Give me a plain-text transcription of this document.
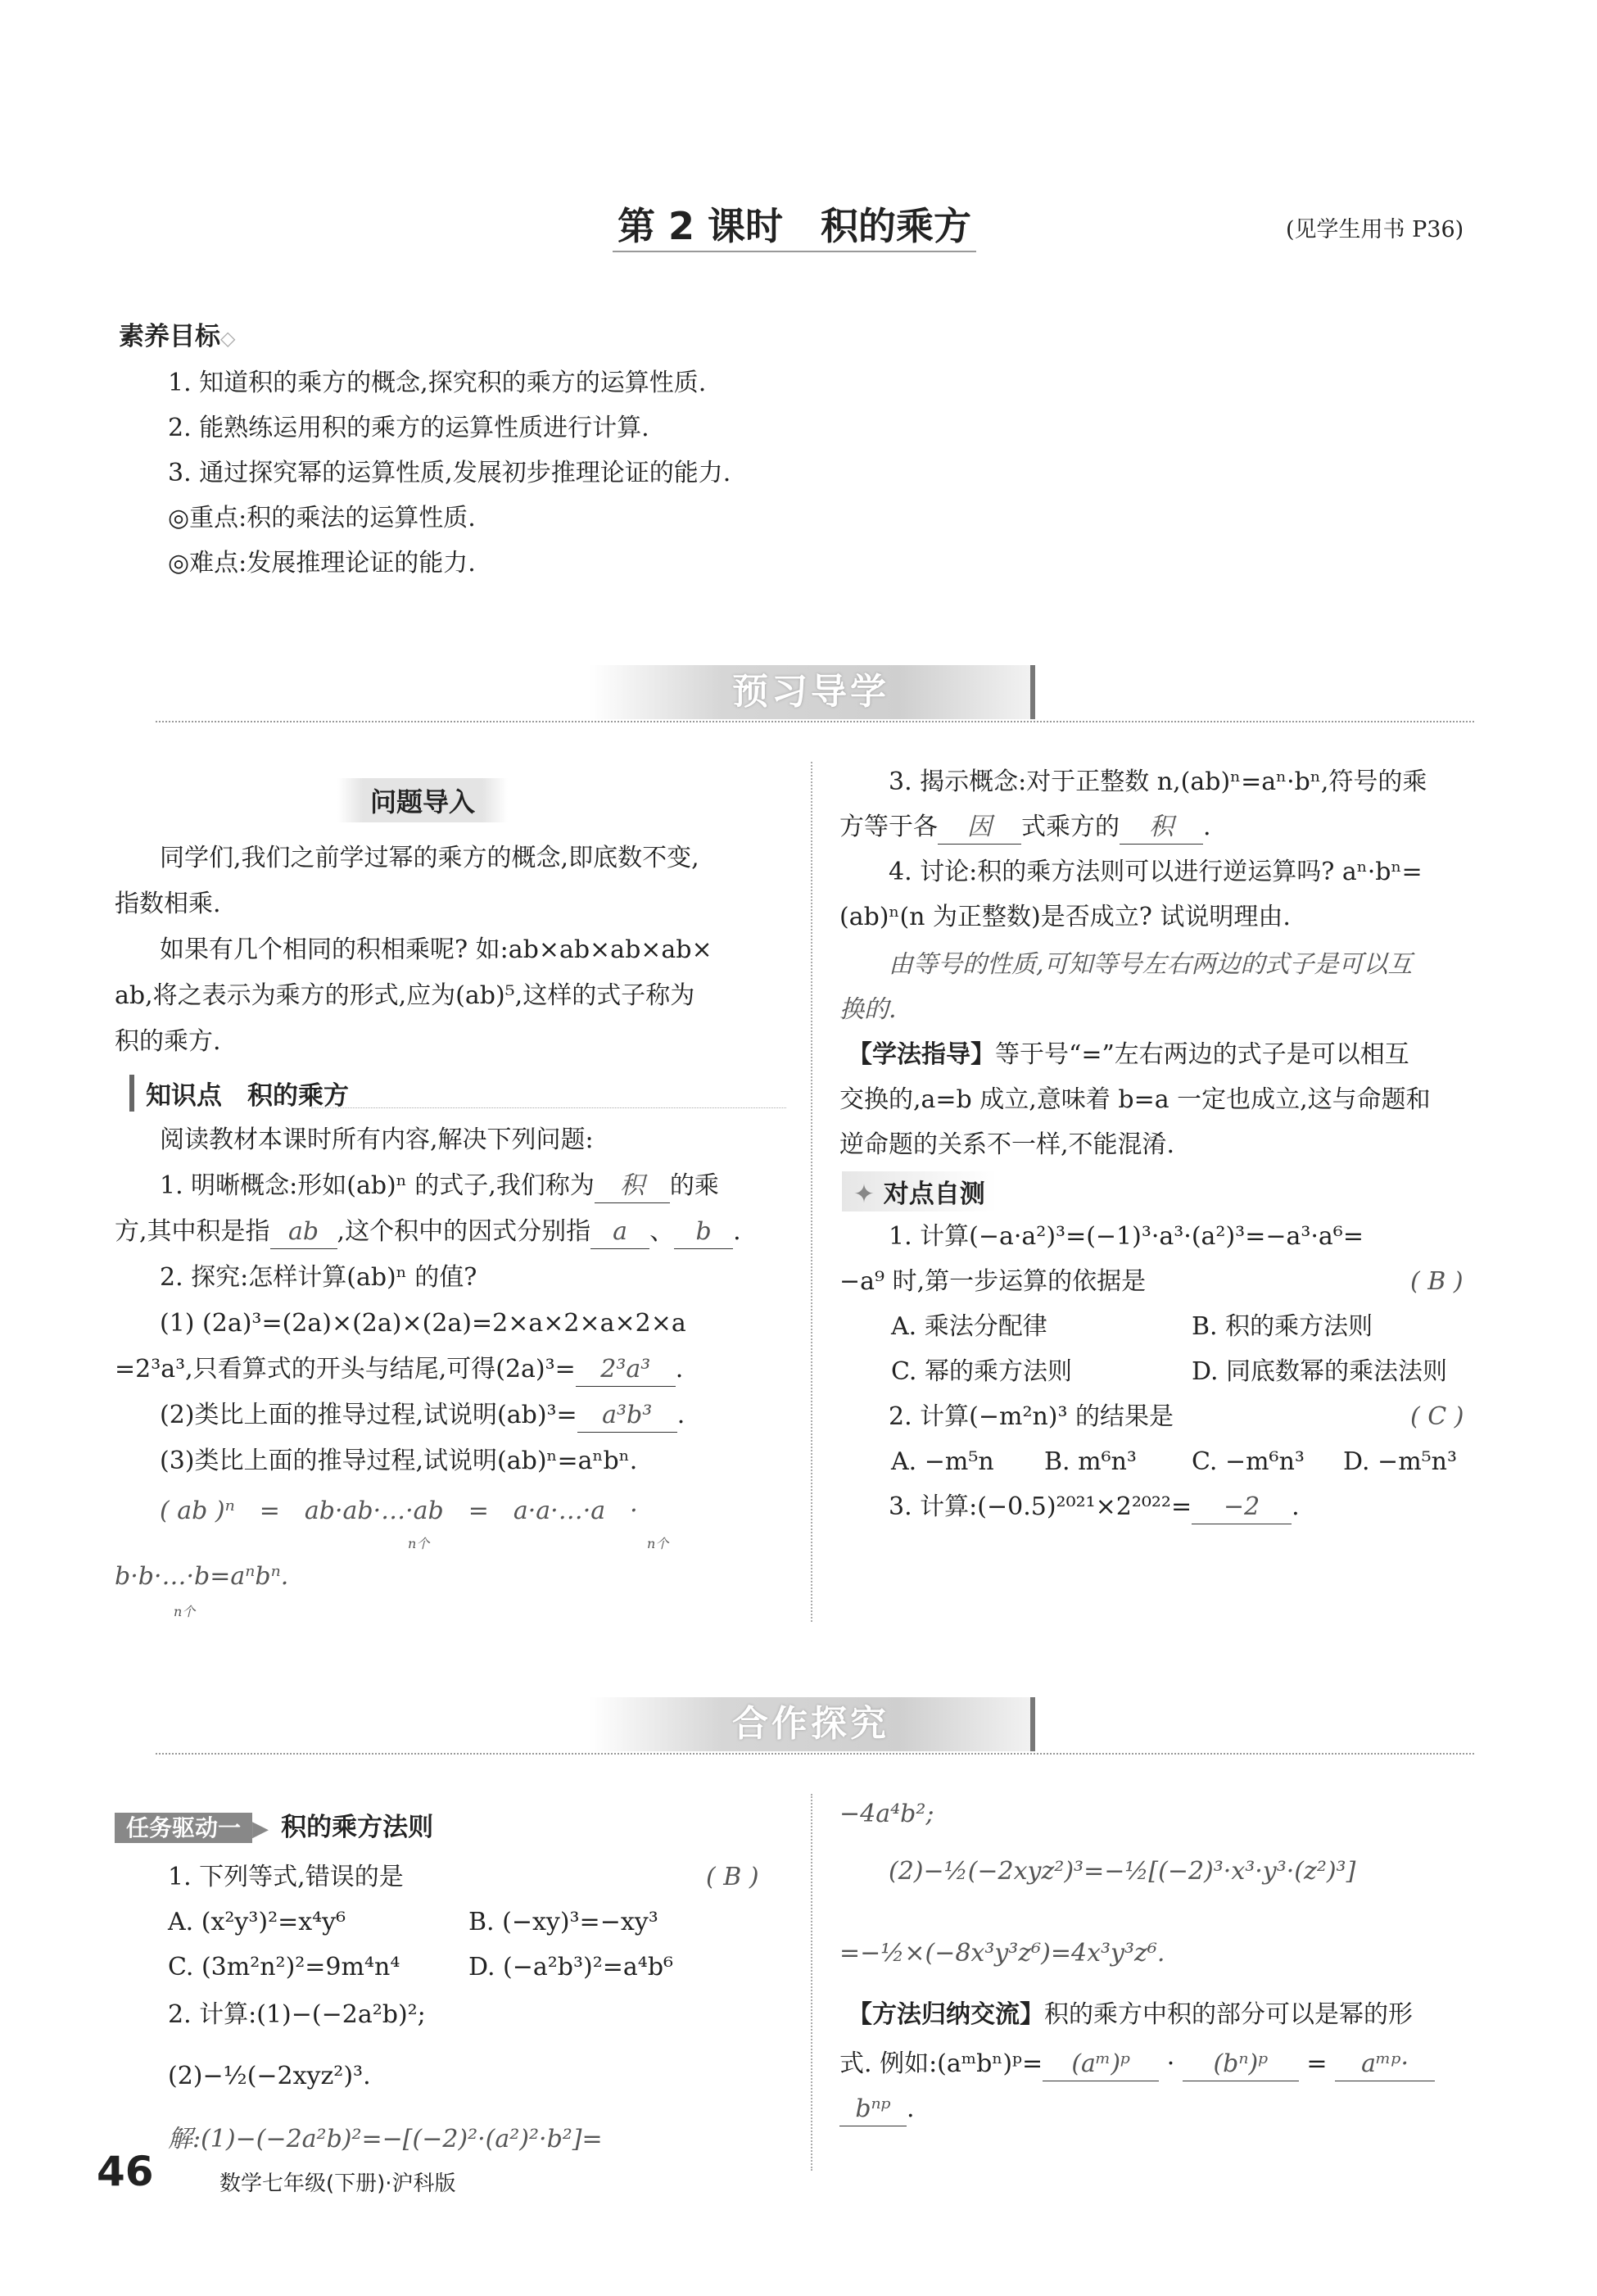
第 2 课时　积的乘方	(见学生用书 P36)
素养目标◇
1. 知道积的乘方的概念,探究积的乘方的运算性质.
2. 能熟练运用积的乘方的运算性质进行计算.
3. 通过探究幂的运算性质,发展初步推理论证的能力.
◎重点:积的乘法的运算性质.
◎难点:发展推理论证的能力.
预习导学
问题导入
同学们,我们之前学过幂的乘方的概念,即底数不变,
指数相乘.
如果有几个相同的积相乘呢? 如:ab×ab×ab×ab×
ab,将之表示为乘方的形式,应为(ab)⁵,这样的式子称为
积的乘方.
知识点　积的乘方
阅读教材本课时所有内容,解决下列问题:
1. 明晰概念:形如(ab)ⁿ 的式子,我们称为 积 的乘
方,其中积是指 ab ,这个积中的因式分别指 a 、 b .
2. 探究:怎样计算(ab)ⁿ 的值?
(1) (2a)³=(2a)×(2a)×(2a)=2×a×2×a×2×a
=2³a³,只看算式的开头与结尾,可得(2a)³= 2³a³ .
(2)类比上面的推导过程,试说明(ab)³= a³b³ .
(3)类比上面的推导过程,试说明(ab)ⁿ=aⁿbⁿ.
( ab )ⁿ　=　ab·ab·…·ab　=　a·a·…·a　·
n个	n个
b·b·…·b=aⁿbⁿ.
n个
3. 揭示概念:对于正整数 n,(ab)ⁿ=aⁿ·bⁿ,符号的乘
方等于各 因 式乘方的 积 .
4. 讨论:积的乘方法则可以进行逆运算吗? aⁿ·bⁿ=
(ab)ⁿ(n 为正整数)是否成立? 试说明理由.
由等号的性质,可知等号左右两边的式子是可以互
换的.
【学法指导】等于号“=”左右两边的式子是可以相互
交换的,a=b 成立,意味着 b=a 一定也成立,这与命题和
逆命题的关系不一样,不能混淆.
✦ 对点自测
1. 计算(−a·a²)³=(−1)³·a³·(a²)³=−a³·a⁶=
−a⁹ 时,第一步运算的依据是	( B )
A. 乘法分配律	B. 积的乘方法则
C. 幂的乘方法则	D. 同底数幂的乘法法则
2. 计算(−m²n)³ 的结果是	( C )
A. −m⁵n B. m⁶n³ C. −m⁶n³ D. −m⁵n³
3. 计算:(−0.5)²⁰²¹×2²⁰²²= −2 .
合作探究
任务驱动一 ▶ 积的乘方法则
1. 下列等式,错误的是	( B )
A. (x²y³)²=x⁴y⁶	B. (−xy)³=−xy³
C. (3m²n²)²=9m⁴n⁴	D. (−a²b³)²=a⁴b⁶
2. 计算:(1)−(−2a²b)²;
(2)−½(−2xyz²)³.
解:(1)−(−2a²b)²=−[(−2)²·(a²)²·b²]=
−4a⁴b²;
(2)−½(−2xyz²)³=−½[(−2)³·x³·y³·(z²)³]
=−½×(−8x³y³z⁶)=4x³y³z⁶.
【方法归纳交流】积的乘方中积的部分可以是幂的形
式. 例如:(aᵐbⁿ)ᵖ= (aᵐ)ᵖ · (bⁿ)ᵖ = aᵐᵖ·
bⁿᵖ .
46	数学七年级(下册)·沪科版
